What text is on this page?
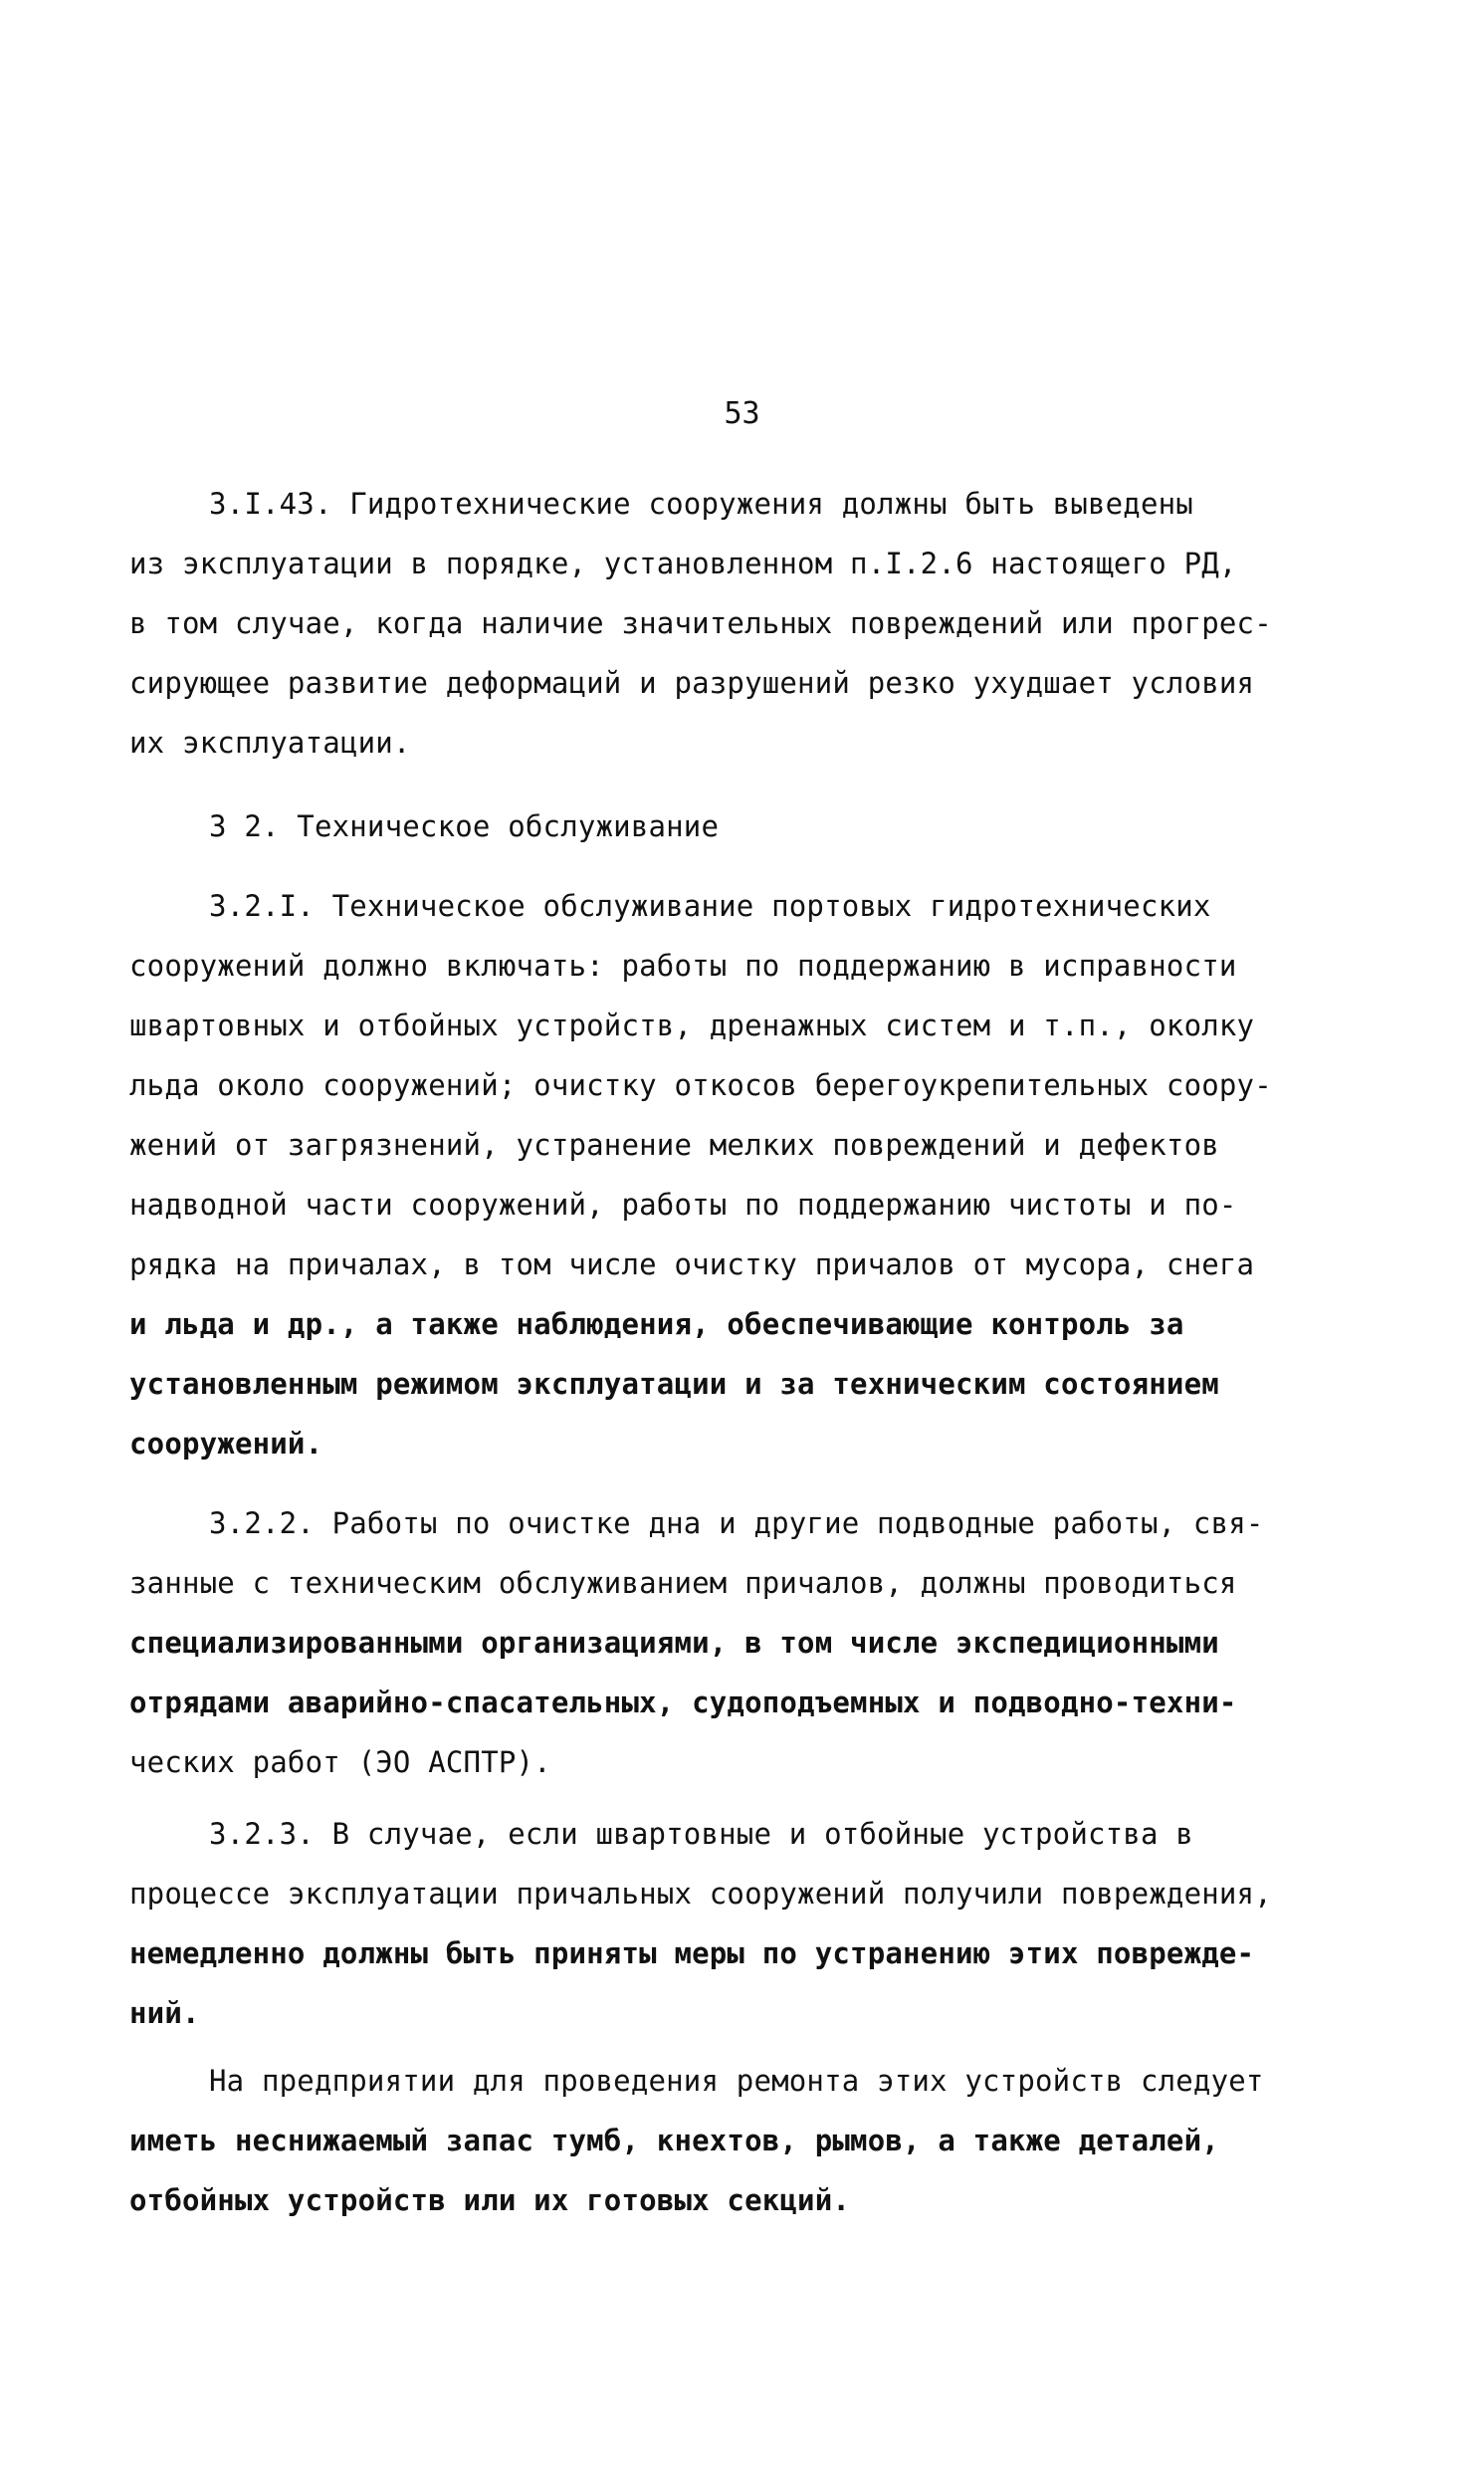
53
3.I.43. Гидротехнические сооружения должны быть выведены
из эксплуатации в порядке, установленном п.I.2.6 настоящего РД,
в том случае, когда наличие значительных повреждений или прогрес-
сирующее развитие деформаций и разрушений резко ухудшает условия
их эксплуатации.
3 2. Техническое обслуживание
3.2.I. Техническое обслуживание портовых гидротехнических
сооружений должно включать: работы по поддержанию в исправности
швартовных и отбойных устройств, дренажных систем и т.п., околку
льда около сооружений; очистку откосов берегоукрепительных соору-
жений от загрязнений, устранение мелких повреждений и дефектов
надводной части сооружений, работы по поддержанию чистоты и по-
рядка на причалах, в том числе очистку причалов от мусора, снега
и льда и др., а также наблюдения, обеспечивающие контроль за
установленным режимом эксплуатации и за техническим состоянием
сооружений.
3.2.2. Работы по очистке дна и другие подводные работы, свя-
занные с техническим обслуживанием причалов, должны проводиться
специализированными организациями, в том числе экспедиционными
отрядами аварийно-спасательных, судоподъемных и подводно-техни-
ческих работ (ЭО АСПТР).
3.2.3. В случае, если швартовные и отбойные устройства в
процессе эксплуатации причальных сооружений получили повреждения,
немедленно должны быть приняты меры по устранению этих повреждe-
ний.
На предприятии для проведения ремонта этих устройств следует
иметь неснижаемый запас тумб, кнехтов, рымов, а также деталей,
отбойных устройств или их готовых секций.
